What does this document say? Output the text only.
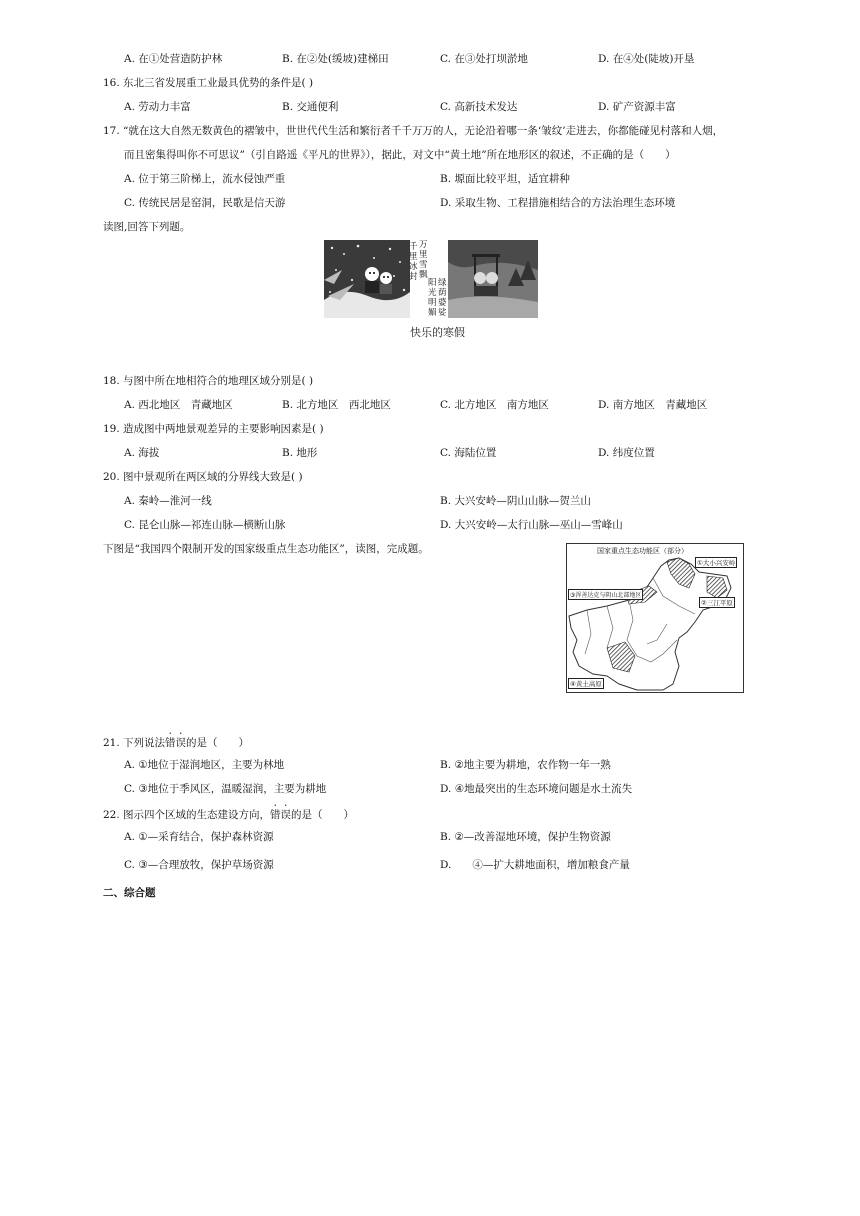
A. 在①处营造防护林	B. 在②处(缓坡)建梯田	C. 在③处打坝淤地	D. 在④处(陡坡)开垦
16. 东北三省发展重工业最具优势的条件是( )
A. 劳动力丰富	B. 交通便利	C. 高新技术发达	D. 矿产资源丰富
17. “就在这大自然无数黄色的褶皱中，世世代代生活和繁衍者千千万万的人，无论沿着哪一条‘皱纹’走进去，你都能碰见村落和人烟，
而且密集得叫你不可思议”（引自路遥《平凡的世界》），据此，对文中“黄土地”所在地形区的叙述，不正确的是（　　）
A. 位于第三阶梯上，流水侵蚀严重	B. 塬面比较平坦，适宜耕种
C. 传统民居是窑洞，民歌是信天游	D. 采取生物、工程措施相结合的方法治理生态环境
读图,回答下列题。
千
里
冰
封
万
里
雪
飘
阳
光
明
媚
绿
荫
婆
娑
快乐的寒假
18. 与图中所在地相符合的地理区域分别是( )
A. 西北地区　青藏地区	B. 北方地区　西北地区	C. 北方地区　南方地区	D. 南方地区　青藏地区
19. 造成图中两地景观差异的主要影响因素是( )
A. 海拔	B. 地形	C. 海陆位置	D. 纬度位置
20. 图中景观所在两区域的分界线大致是( )
A. 秦岭—淮河一线	B. 大兴安岭—阴山山脉—贺兰山
C. 昆仑山脉—祁连山脉—横断山脉	D. 大兴安岭—太行山脉—巫山—雪峰山
下图是“我国四个限制开发的国家级重点生态功能区”，读图，完成题。	国家重点生态功能区（部分）
①大小兴安岭
②三江平原
③浑善达克与阴山北部地区
④黄土高原
21. 下列说法错误的是（　　）
A. ①地位于湿润地区，主要为林地	B. ②地主要为耕地，农作物一年一熟
C. ③地位于季风区，温暖湿润，主要为耕地	D. ④地最突出的生态环境问题是水土流失
22. 图示四个区域的生态建设方向，错误的是（　　）
A. ①—采育结合，保护森林资源	B. ②—改善湿地环境，保护生物资源
C. ③—合理放牧，保护草场资源	D.　　④—扩大耕地面积，增加粮食产量
二、综合题
